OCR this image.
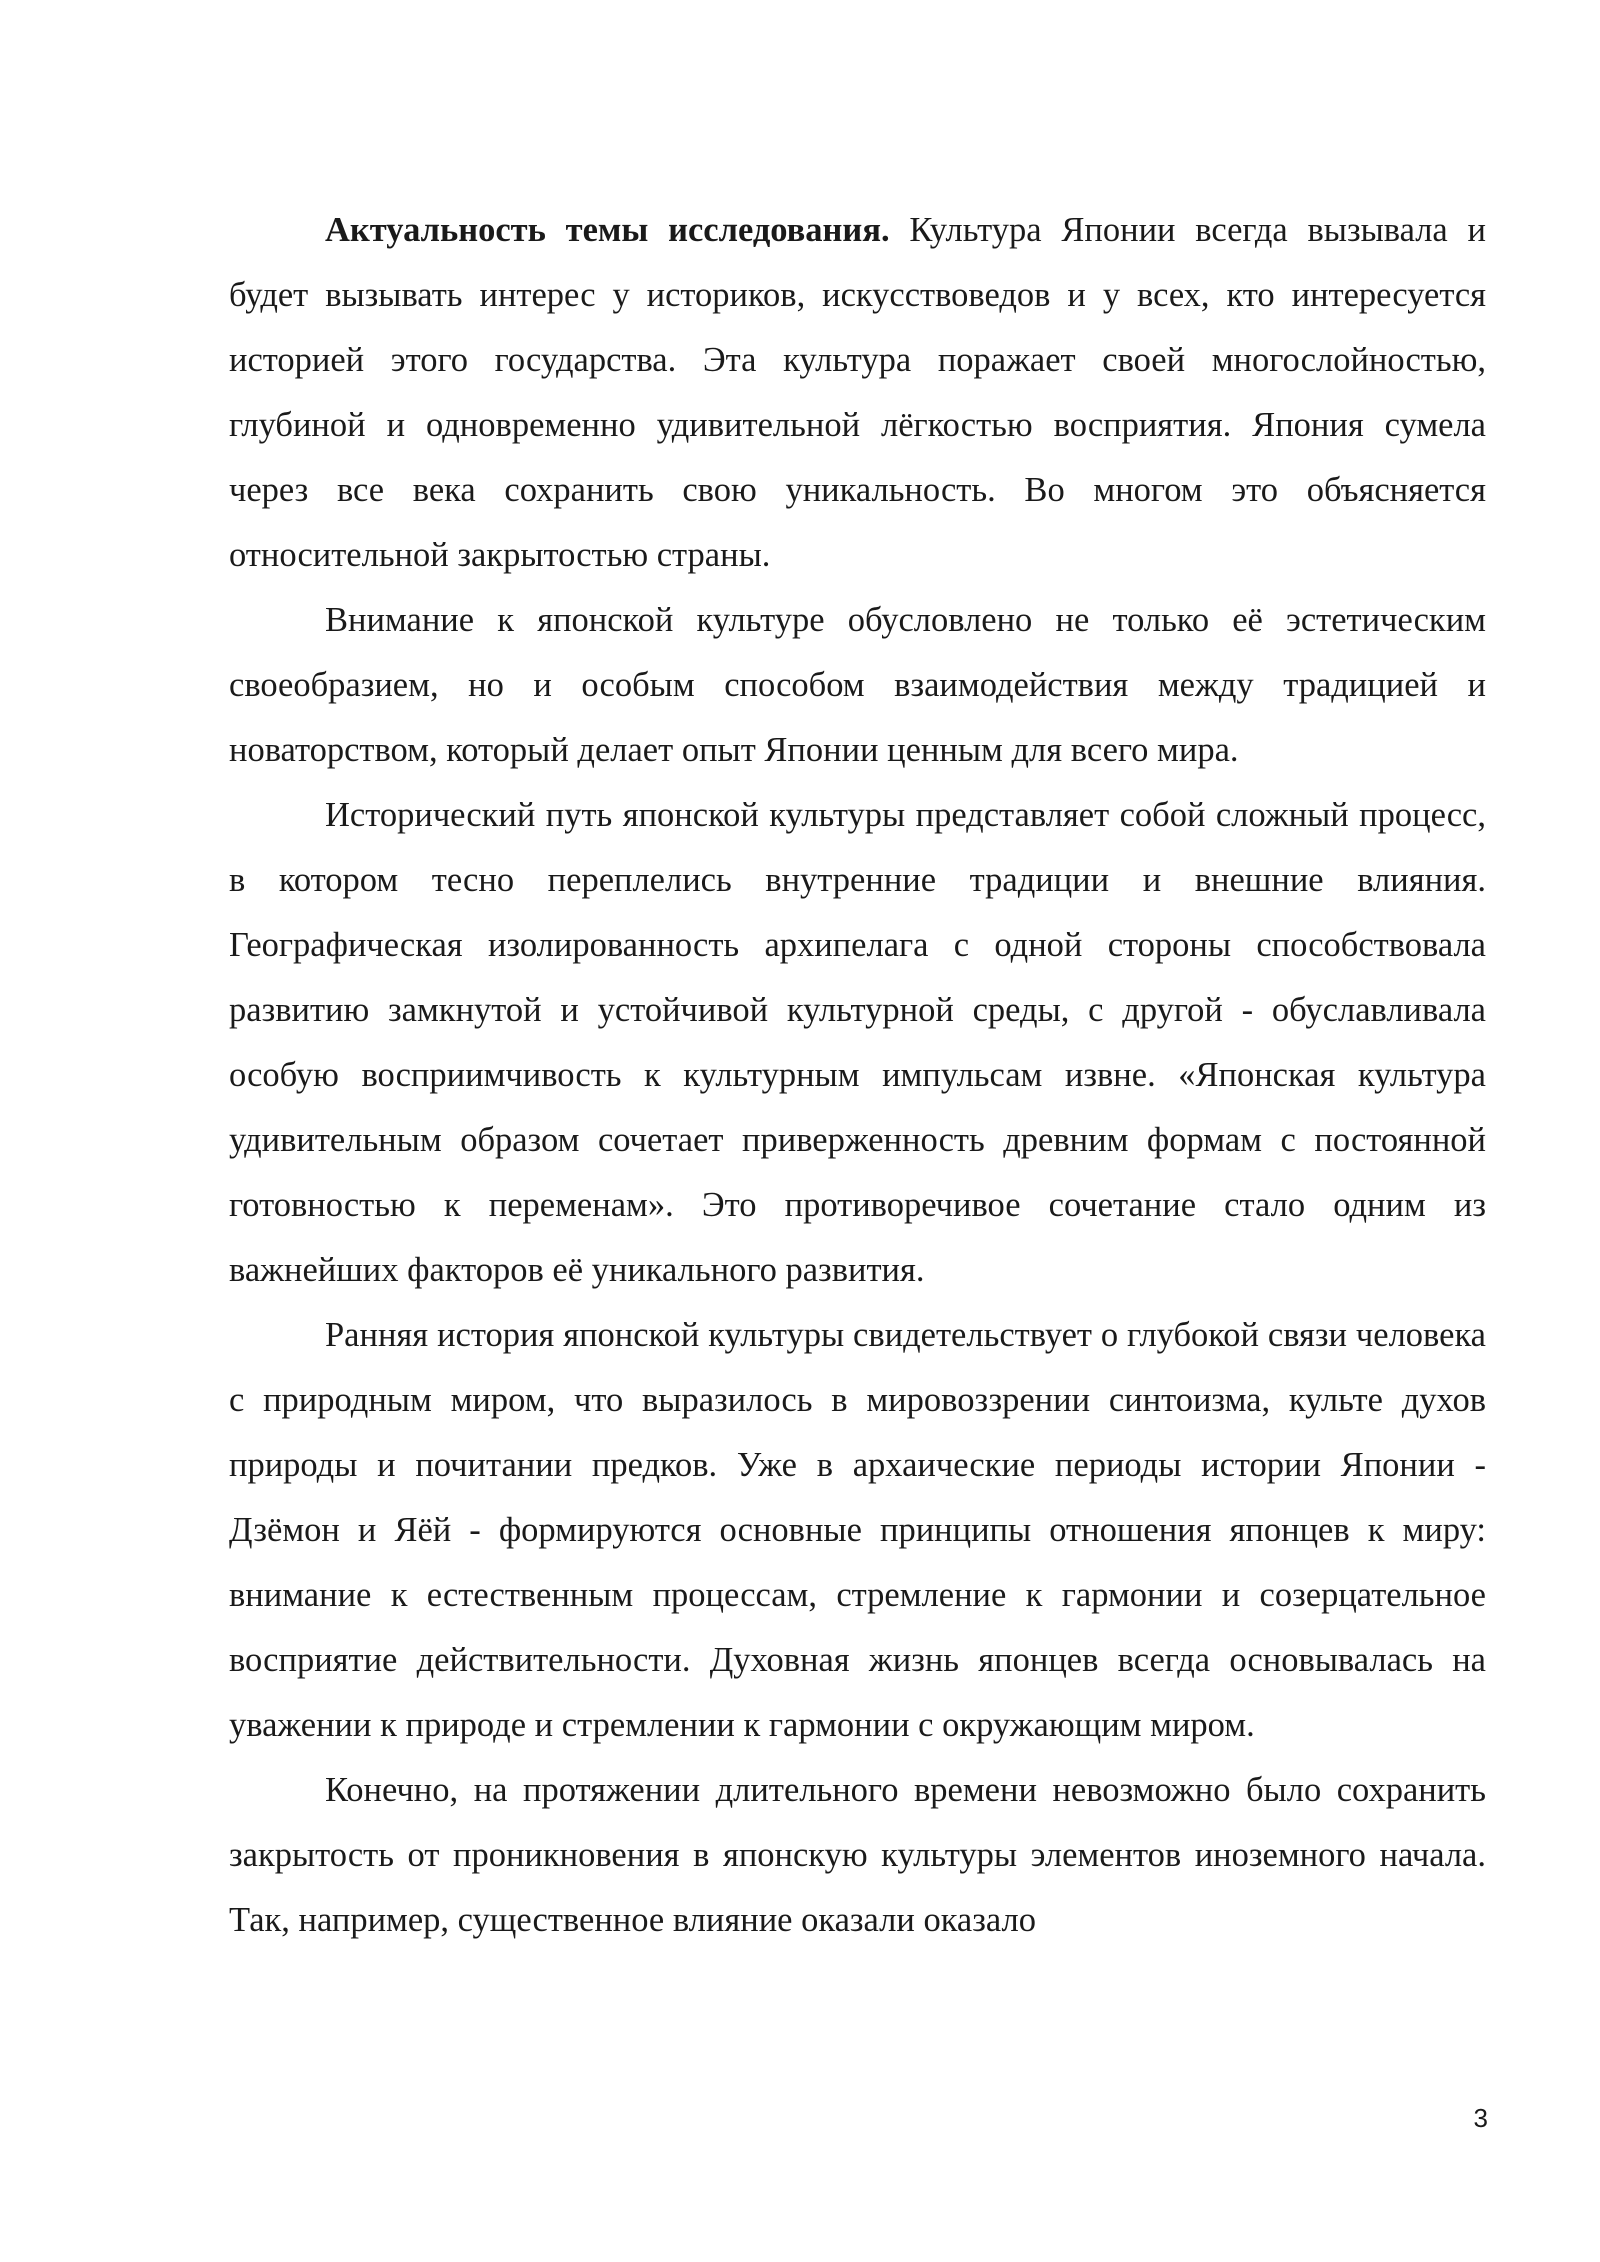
Актуальность темы исследования. Культура Японии всегда вызывала и будет вызывать интерес у историков, искусствоведов и у всех, кто интересуется историей этого государства. Эта культура поражает своей многослойностью, глубиной и одновременно удивительной лёгкостью восприятия. Япония сумела через все века сохранить свою уникальность. Во многом это объясняется относительной закрытостью страны.

Внимание к японской культуре обусловлено не только её эстетическим своеобразием, но и особым способом взаимодействия между традицией и новаторством, который делает опыт Японии ценным для всего мира.

Исторический путь японской культуры представляет собой сложный процесс, в котором тесно переплелись внутренние традиции и внешние влияния. Географическая изолированность архипелага с одной стороны способствовала развитию замкнутой и устойчивой культурной среды, с другой - обуславливала особую восприимчивость к культурным импульсам извне. «Японская культура удивительным образом сочетает приверженность древним формам с постоянной готовностью к переменам». Это противоречивое сочетание стало одним из важнейших факторов её уникального развития.

Ранняя история японской культуры свидетельствует о глубокой связи человека с природным миром, что выразилось в мировоззрении синтоизма, культе духов природы и почитании предков. Уже в архаические периоды истории Японии - Дзёмон и Яёй - формируются основные принципы отношения японцев к миру: внимание к естественным процессам, стремление к гармонии и созерцательное восприятие действительности. Духовная жизнь японцев всегда основывалась на уважении к природе и стремлении к гармонии с окружающим миром.

Конечно, на протяжении длительного времени невозможно было сохранить закрытость от проникновения в японскую культуры элементов иноземного начала. Так, например, существенное влияние оказали оказало

3
